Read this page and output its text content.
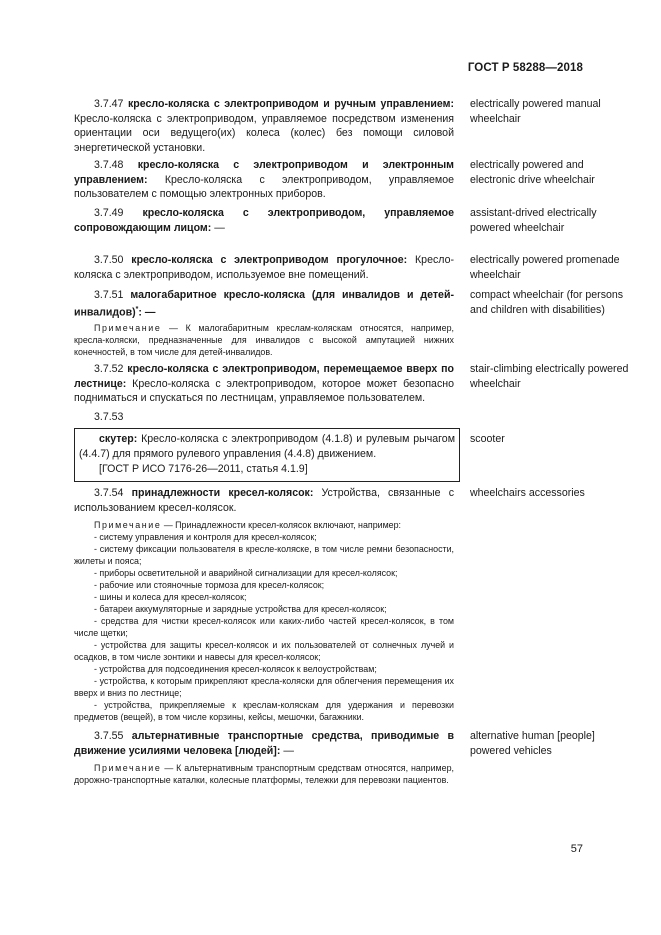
ГОСТ Р 58288—2018
3.7.47 кресло-коляска с электроприводом и ручным управлением: Кресло-коляска с электроприводом, управляемое посредством изменения ориентации оси ведущего(их) колеса (колес) без помощи силовой энергетической установки.
electrically powered manual wheelchair
3.7.48 кресло-коляска с электроприводом и электронным управлением: Кресло-коляска с электроприводом, управляемое пользователем с помощью электронных приборов.
electrically powered and electronic drive wheelchair
3.7.49 кресло-коляска с электроприводом, управляемое сопровождающим лицом: —
assistant-drived electrically powered wheelchair
3.7.50 кресло-коляска с электроприводом прогулочное: Кресло-коляска с электроприводом, используемое вне помещений.
electrically powered promenade wheelchair
3.7.51 малогабаритное кресло-коляска (для инвалидов и детей-инвалидов)*: —
Примечание — К малогабаритным креслам-коляскам относятся, например, кресла-коляски, предназначенные для инвалидов с высокой ампутацией нижних конечностей, в том числе для детей-инвалидов.
compact wheelchair (for persons and children with disabilities)
3.7.52 кресло-коляска с электроприводом, перемещаемое вверх по лестнице: Кресло-коляска с электроприводом, которое может безопасно подниматься и спускаться по лестницам, управляемое пользователем.
stair-climbing electrically powered wheelchair
3.7.53
scooter
скутер: Кресло-коляска с электроприводом (4.1.8) и рулевым рычагом (4.4.7) для прямого рулевого управления (4.4.8) движением.
[ГОСТ Р ИСО 7176-26—2011, статья 4.1.9]
3.7.54 принадлежности кресел-колясок: Устройства, связанные с использованием кресел-колясок.
Примечание — Принадлежности кресел-колясок включают, например:
- систему управления и контроля для кресел-колясок;
- систему фиксации пользователя в кресле-коляске, в том числе ремни безопасности, жилеты и пояса;
- приборы осветительной и аварийной сигнализации для кресел-колясок;
- рабочие или стояночные тормоза для кресел-колясок;
- шины и колеса для кресел-колясок;
- батареи аккумуляторные и зарядные устройства для кресел-колясок;
- средства для чистки кресел-колясок или каких-либо частей кресел-колясок, в том числе щетки;
- устройства для защиты кресел-колясок и их пользователей от солнечных лучей и осадков, в том числе зонтики и навесы для кресел-колясок;
- устройства для подсоединения кресел-колясок к велоустройствам;
- устройства, к которым прикрепляют кресла-коляски для облегчения перемещения их вверх и вниз по лестнице;
- устройства, прикрепляемые к креслам-коляскам для удержания и перевозки предметов (вещей), в том числе корзины, кейсы, мешочки, багажники.
wheelchairs accessories
3.7.55 альтернативные транспортные средства, приводимые в движение усилиями человека [людей]: —
Примечание — К альтернативным транспортным средствам относятся, например, дорожно-транспортные каталки, колесные платформы, тележки для перевозки пациентов.
alternative human [people] powered vehicles
57
